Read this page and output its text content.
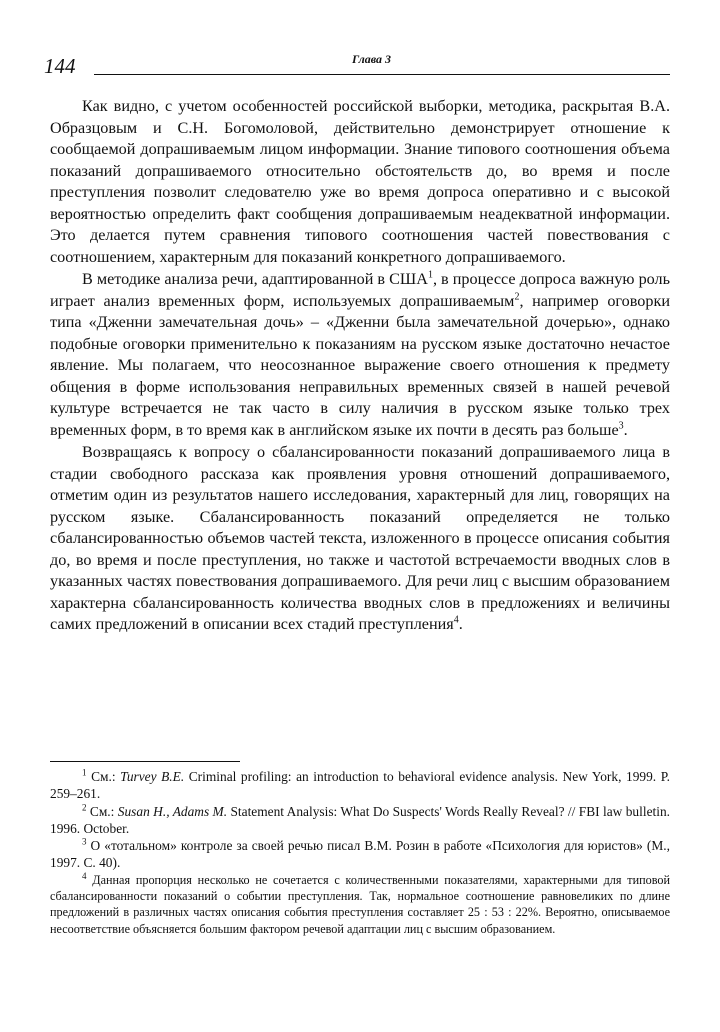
144	Глава 3

Как видно, с учетом особенностей российской выборки, методика, раскрытая В.А. Образцовым и С.Н. Богомоловой, действительно демонстрирует отношение к сообщаемой допрашиваемым лицом информации. Знание типового соотношения объема показаний допрашиваемого относительно обстоятельств до, во время и после преступления позволит следователю уже во время допроса оперативно и с высокой вероятностью определить факт сообщения допрашиваемым неадекватной информации. Это делается путем сравнения типового соотношения частей повествования с соотношением, характерным для показаний конкретного допрашиваемого.

В методике анализа речи, адаптированной в США$^1$, в процессе допроса важную роль играет анализ временных форм, используемых допрашиваемым$^2$, например оговорки типа «Дженни замечательная дочь» – «Дженни была замечательной дочерью», однако подобные оговорки применительно к показаниям на русском языке достаточно нечастое явление. Мы полагаем, что неосознанное выражение своего отношения к предмету общения в форме использования неправильных временных связей в нашей речевой культуре встречается не так часто в силу наличия в русском языке только трех временных форм, в то время как в английском языке их почти в десять раз больше$^3$.

Возвращаясь к вопросу о сбалансированности показаний допрашиваемого лица в стадии свободного рассказа как проявления уровня отношений допрашиваемого, отметим один из результатов нашего исследования, характерный для лиц, говорящих на русском языке. Сбалансированность показаний определяется не только сбалансированностью объемов частей текста, изложенного в процессе описания события до, во время и после преступления, но также и частотой встречаемости вводных слов в указанных частях повествования допрашиваемого. Для речи лиц с высшим образованием характерна сбалансированность количества вводных слов в предложениях и величины самих предложений в описании всех стадий преступления$^4$.

$^1$ См.: Turvey B.E. Criminal profiling: an introduction to behavioral evidence analysis. New York, 1999. P. 259–261.

$^2$ См.: Susan H., Adams M. Statement Analysis: What Do Suspects' Words Really Reveal? // FBI law bulletin. 1996. October.

$^3$ О «тотальном» контроле за своей речью писал В.М. Розин в работе «Психология для юристов» (М., 1997. С. 40).

$^4$ Данная пропорция несколько не сочетается с количественными показателями, характерными для типовой сбалансированности показаний о событии преступления. Так, нормальное соотношение равновеликих по длине предложений в различных частях описания события преступления составляет 25 : 53 : 22%. Вероятно, описываемое несоответствие объясняется большим фактором речевой адаптации лиц с высшим образованием.
